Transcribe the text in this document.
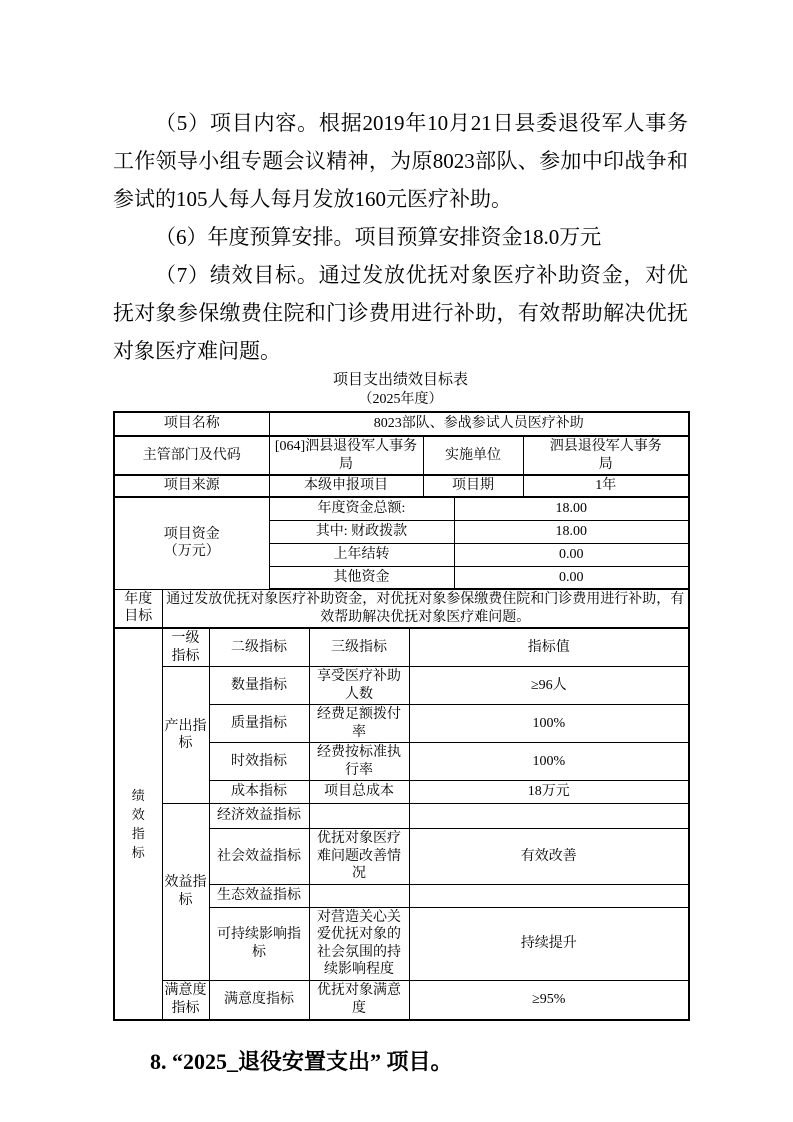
（5）项目内容。根据2019年10月21日县委退役军人事务工作领导小组专题会议精神，为原8023部队、参加中印战争和参试的105人每人每月发放160元医疗补助。

（6）年度预算安排。项目预算安排资金18.0万元

（7）绩效目标。通过发放优抚对象医疗补助资金，对优抚对象参保缴费住院和门诊费用进行补助，有效帮助解决优抚对象医疗难问题。

项目支出绩效目标表
（2025年度）
项目名称			8023部队、参战参试人员医疗补助					
主管部门及代码			[064]泗县退役军人事务局			实施单位		泗县退役军人事务局
项目来源			本级申报项目			项目期		1年

项目资金
（万元）			年度资金总额:				18.00	
			其中: 财政拨款				18.00	
			上年结转				0.00	
			其他资金				0.00	
年度目标	通过发放优抚对象医疗补助资金，对优抚对象参保缴费住院和门诊费用进行补助，有效帮助解决优抚对象医疗难问题。							
绩效指标	一级指标	二级指标		三级指标	指标值			
	产出指标	数量指标		享受医疗补助人数	≥96人			
		质量指标		经费足额拨付率	100%			
		时效指标		经费按标准执行率	100%			
		成本指标		项目总成本	18万元			
	效益指标	经济效益指标						
		社会效益指标		优抚对象医疗难问题改善情况	有效改善			
		生态效益指标						
		可持续影响指标		对营造关心关爱优抚对象的社会氛围的持续影响程度	持续提升			
	满意度指标	满意度指标		优抚对象满意度	≥95%			

8. “2025_退役安置支出” 项目。
